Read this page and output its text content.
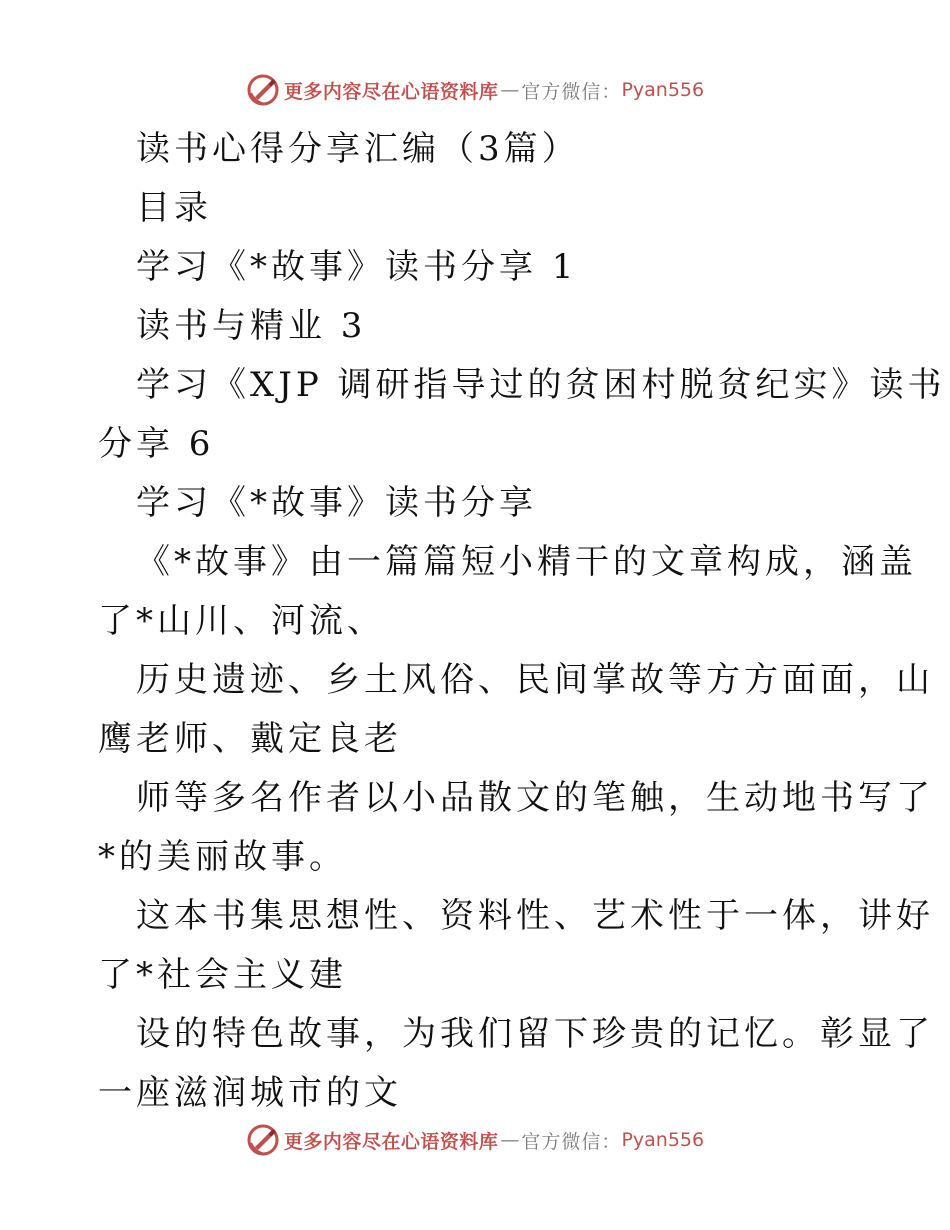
更多内容尽在心语资料库 — 官方微信： Pyan556
读书心得分享汇编（3篇）
目录
学习《*故事》读书分享 1
读书与精业 3
学习《XJP 调研指导过的贫困村脱贫纪实》读书
分享 6
学习《*故事》读书分享
《*故事》由一篇篇短小精干的文章构成，涵盖
了*山川、河流、
历史遗迹、乡土风俗、民间掌故等方方面面，山
鹰老师、戴定良老
师等多名作者以小品散文的笔触，生动地书写了
*的美丽故事。
这本书集思想性、资料性、艺术性于一体，讲好
了*社会主义建
设的特色故事，为我们留下珍贵的记忆。彰显了
一座滋润城市的文
更多内容尽在心语资料库 — 官方微信： Pyan556
